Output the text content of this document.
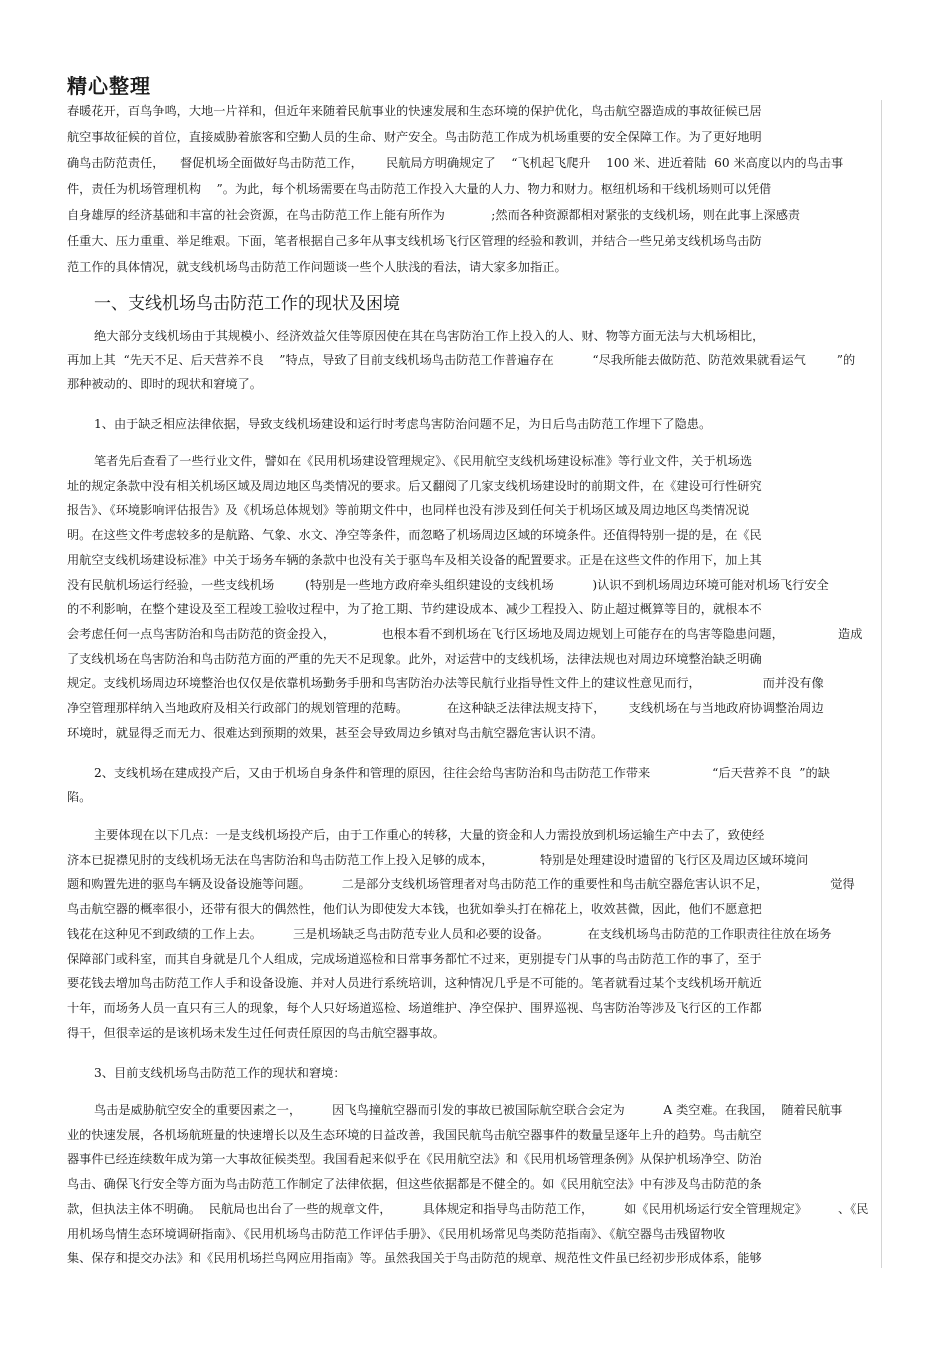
精心整理
春暖花开，百鸟争鸣，大地一片祥和，但近年来随着民航事业的快速发展和生态环境的保护优化，鸟击航空器造成的事故征候已居
航空事故征候的首位，直接威胁着旅客和空勤人员的生命、财产安全。鸟击防范工作成为机场重要的安全保障工作。为了更好地明
确鸟击防范责任，    督促机场全面做好鸟击防范工作，      民航局方明确规定了    “飞机起飞爬升    100 米、进近着陆  60 米高度以内的鸟击事
件，责任为机场管理机构    ”。为此，每个机场需要在鸟击防范工作投入大量的人力、物力和财力。枢纽机场和干线机场则可以凭借
自身雄厚的经济基础和丰富的社会资源，在鸟击防范工作上能有所作为            ;然而各种资源都相对紧张的支线机场，则在此事上深感责
任重大、压力重重、举足维艰。下面，笔者根据自己多年从事支线机场飞行区管理的经验和教训，并结合一些兄弟支线机场鸟击防
范工作的具体情况，就支线机场鸟击防范工作问题谈一些个人肤浅的看法，请大家多加指正。
绝大部分支线机场由于其规模小、经济效益欠佳等原因使在其在鸟害防治工作上投入的人、财、物等方面无法与大机场相比，
再加上其  “先天不足、后天营养不良    ”特点，导致了目前支线机场鸟击防范工作普遍存在          “尽我所能去做防范、防范效果就看运气        ”的
那种被动的、即时的现状和窘境了。
1、由于缺乏相应法律依据，导致支线机场建设和运行时考虑鸟害防治问题不足，为日后鸟击防范工作埋下了隐患。
笔者先后查看了一些行业文件，譬如在《民用机场建设管理规定》、《民用航空支线机场建设标准》等行业文件，关于机场选
址的规定条款中没有相关机场区域及周边地区鸟类情况的要求。后又翻阅了几家支线机场建设时的前期文件，在《建设可行性研究
报告》、《环境影响评估报告》及《机场总体规划》等前期文件中，也同样也没有涉及到任何关于机场区域及周边地区鸟类情况说
明。在这些文件考虑较多的是航路、气象、水文、净空等条件，而忽略了机场周边区域的环境条件。还值得特别一提的是，在《民
用航空支线机场建设标准》中关于场务车辆的条款中也没有关于驱鸟车及相关设备的配置要求。正是在这些文件的作用下，加上其
没有民航机场运行经验，一些支线机场        (特别是一些地方政府牵头组织建设的支线机场          )认识不到机场周边环境可能对机场飞行安全
的不利影响，在整个建设及至工程竣工验收过程中，为了抢工期、节约建设成本、减少工程投入、防止超过概算等目的，就根本不
会考虑任何一点鸟害防治和鸟击防范的资金投入，            也根本看不到机场在飞行区场地及周边规划上可能存在的鸟害等隐患问题，              造成
了支线机场在鸟害防治和鸟击防范方面的严重的先天不足现象。此外，对运营中的支线机场，法律法规也对周边环境整治缺乏明确
规定。支线机场周边环境整治也仅仅是依靠机场勤务手册和鸟害防治办法等民航行业指导性文件上的建议性意见而行，                而并没有像
净空管理那样纳入当地政府及相关行政部门的规划管理的范畴。          在这种缺乏法律法规支持下，      支线机场在与当地政府协调整治周边
环境时，就显得乏而无力、很难达到预期的效果，甚至会导致周边乡镇对鸟击航空器危害认识不清。
2、支线机场在建成投产后，又由于机场自身条件和管理的原因，往往会给鸟害防治和鸟击防范工作带来                “后天营养不良  ”的缺
陷。
主要体现在以下几点：一是支线机场投产后，由于工作重心的转移，大量的资金和人力需投放到机场运输生产中去了，致使经
济本已捉襟见肘的支线机场无法在鸟害防治和鸟击防范工作上投入足够的成本，            特别是处理建设时遗留的飞行区及周边区域环境问
题和购置先进的驱鸟车辆及设备设施等问题。        二是部分支线机场管理者对鸟击防范工作的重要性和鸟击航空器危害认识不足，                觉得
鸟击航空器的概率很小，还带有很大的偶然性，他们认为即使发大本钱，也犹如拳头打在棉花上，收效甚微，因此，他们不愿意把
钱花在这种见不到政绩的工作上去。        三是机场缺乏鸟击防范专业人员和必要的设备。          在支线机场鸟击防范的工作职责往往放在场务
保障部门或科室，而其自身就是几个人组成，完成场道巡检和日常事务都忙不过来，更别提专门从事的鸟击防范工作的事了，至于
要花钱去增加鸟击防范工作人手和设备设施、并对人员进行系统培训，这种情况几乎是不可能的。笔者就看过某个支线机场开航近
十年，而场务人员一直只有三人的现象，每个人只好场道巡检、场道维护、净空保护、围界巡视、鸟害防治等涉及飞行区的工作都
得干，但很幸运的是该机场未发生过任何责任原因的鸟击航空器事故。
3、目前支线机场鸟击防范工作的现状和窘境：
鸟击是威胁航空安全的重要因素之一，        因飞鸟撞航空器而引发的事故已被国际航空联合会定为          A 类空难。在我国，  随着民航事
业的快速发展，各机场航班量的快速增长以及生态环境的日益改善，我国民航鸟击航空器事件的数量呈逐年上升的趋势。鸟击航空
器事件已经连续数年成为第一大事故征候类型。我国看起来似乎在《民用航空法》和《民用机场管理条例》从保护机场净空、防治
鸟击、确保飞行安全等方面为鸟击防范工作制定了法律依据，但这些依据都是不健全的。如《民用航空法》中有涉及鸟击防范的条
款，但执法主体不明确。  民航局也出台了一些的规章文件，        具体规定和指导鸟击防范工作，        如《民用机场运行安全管理规定》        、《民
用机场鸟情生态环境调研指南》、《民用机场鸟击防范工作评估手册》、《民用机场常见鸟类防范指南》、《航空器鸟击残留物收
集、保存和提交办法》和《民用机场拦鸟网应用指南》等。虽然我国关于鸟击防范的规章、规范性文件虽已经初步形成体系，能够
一、支线机场鸟击防范工作的现状及困境
